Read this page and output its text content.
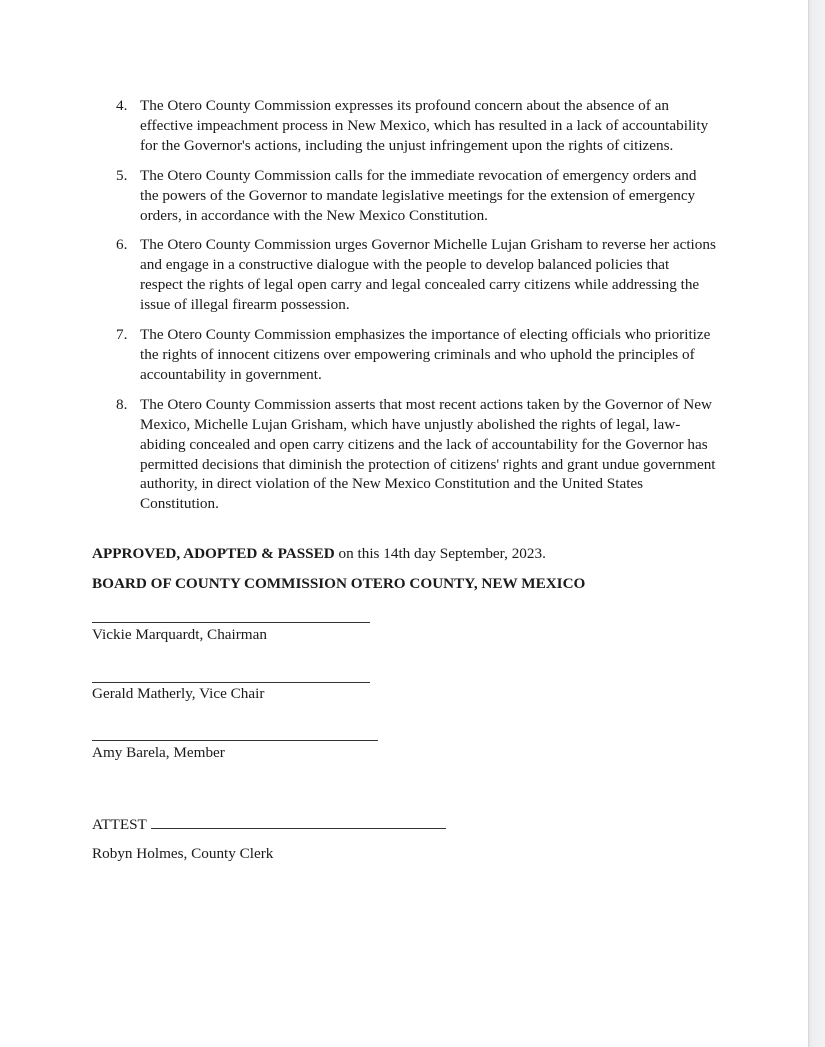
4. The Otero County Commission expresses its profound concern about the absence of an effective impeachment process in New Mexico, which has resulted in a lack of accountability for the Governor's actions, including the unjust infringement upon the rights of citizens.
5. The Otero County Commission calls for the immediate revocation of emergency orders and the powers of the Governor to mandate legislative meetings for the extension of emergency orders, in accordance with the New Mexico Constitution.
6. The Otero County Commission urges Governor Michelle Lujan Grisham to reverse her actions and engage in a constructive dialogue with the people to develop balanced policies that respect the rights of legal open carry and legal concealed carry citizens while addressing the issue of illegal firearm possession.
7. The Otero County Commission emphasizes the importance of electing officials who prioritize the rights of innocent citizens over empowering criminals and who uphold the principles of accountability in government.
8. The Otero County Commission asserts that most recent actions taken by the Governor of New Mexico, Michelle Lujan Grisham, which have unjustly abolished the rights of legal, law-abiding concealed and open carry citizens and the lack of accountability for the Governor has permitted decisions that diminish the protection of citizens' rights and grant undue government authority, in direct violation of the New Mexico Constitution and the United States Constitution.
APPROVED, ADOPTED & PASSED on this 14th day September, 2023.
BOARD OF COUNTY COMMISSION OTERO COUNTY, NEW MEXICO
Vickie Marquardt, Chairman
Gerald Matherly, Vice Chair
Amy Barela, Member
ATTEST
Robyn Holmes, County Clerk
